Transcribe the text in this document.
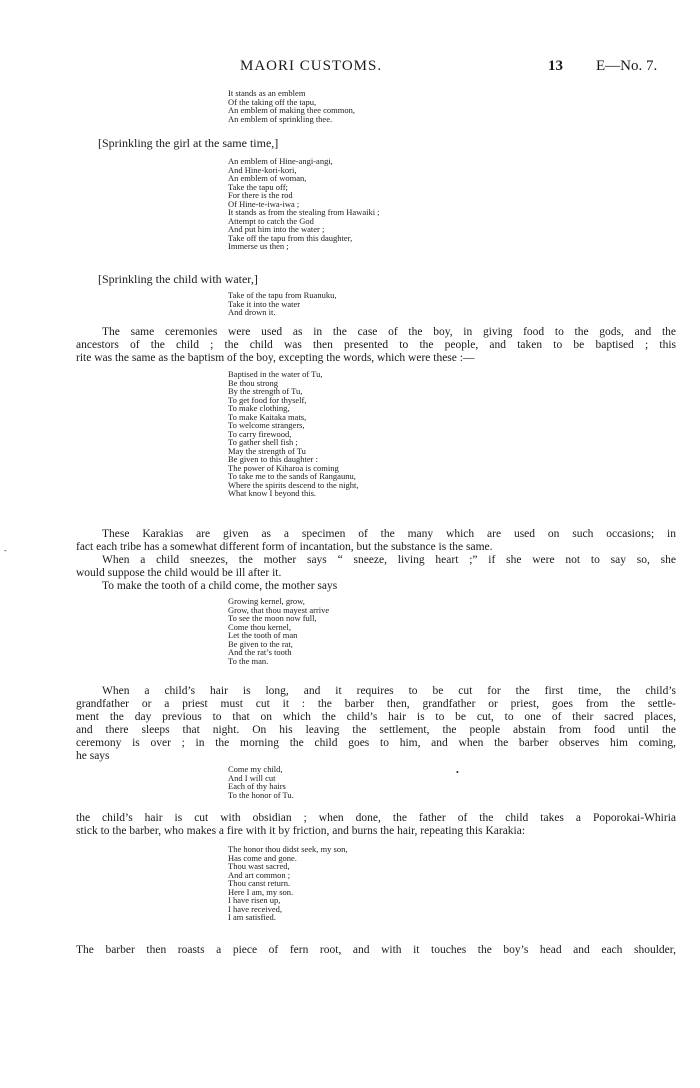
MAORI CUSTOMS.	13 E—No. 7.
It stands as an emblem
Of the taking off the tapu,
An emblem of making thee common,
An emblem of sprinkling thee.
[Sprinkling the girl at the same time,]
An emblem of Hine-angi-angi,
And Hine-kori-kori,
An emblem of woman,
Take the tapu off;
For there is the rod
Of Hine-te-iwa-iwa ;
It stands as from the stealing from Hawaiki ;
Attempt to catch the God
And put him into the water ;
Take off the tapu from this daughter,
Immerse us then ;
[Sprinkling the child with water,]
Take of the tapu from Ruanuku,
Take it into the water
And drown it.
The same ceremonies were used as in the case of the boy, in giving food to the gods, and the
ancestors of the child ; the child was then presented to the people, and taken to be baptised ; this
rite was the same as the baptism of the boy, excepting the words, which were these :—
Baptised in the water of Tu,
Be thou strong
By the strength of Tu,
To get food for thyself,
To make clothing,
To make Kaitaka mats,
To welcome strangers,
To carry firewood,
To gather shell fish ;
May the strength of Tu
Be given to this daughter :
The power of Kiharoa is coming
To take me to the sands of Rangaunu,
Where the spirits descend to the night,
What know I beyond this.
These Karakias are given as a specimen of the many which are used on such occasions; in
fact each tribe has a somewhat different form of incantation, but the substance is the same.
-
When a child sneezes, the mother says “ sneeze, living heart ;” if she were not to say so, she
would suppose the child would be ill after it.
To make the tooth of a child come, the mother says
Growing kernel, grow,
Grow, that thou mayest arrive
To see the moon now full,
Come thou kernel,
Let the tooth of man
Be given to the rat,
And the rat’s tooth
To the man.
When a child’s hair is long, and it requires to be cut for the first time, the child’s
grandfather or a priest must cut it : the barber then, grandfather or priest, goes from the settle-
ment the day previous to that on which the child’s hair is to be cut, to one of their sacred places,
and there sleeps that night. On his leaving the settlement, the people abstain from food until the
ceremony is over ; in the morning the child goes to him, and when the barber observes him coming,
he says
Come my child,
And I will cut
Each of thy hairs
To the honor of Tu.
•
the child’s hair is cut with obsidian ; when done, the father of the child takes a Poporokai-Whiria
stick to the barber, who makes a fire with it by friction, and burns the hair, repeating this Karakia:
The honor thou didst seek, my son,
Has come and gone.
Thou wast sacred,
And art common ;
Thou canst return.
Here I am, my son.
I have risen up,
I have received,
I am satisfied.
The barber then roasts a piece of fern root, and with it touches the boy’s head and each shoulder,
